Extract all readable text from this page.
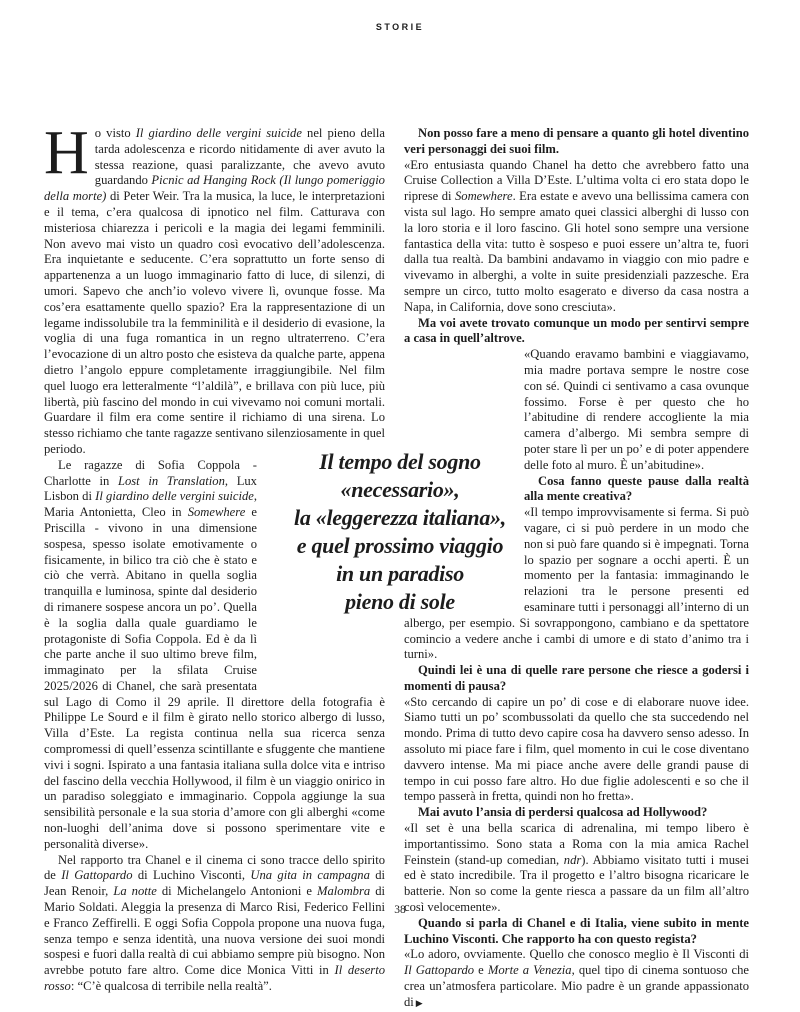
STORIE

Ho visto Il giardino delle vergini suicide nel pieno della tarda adolescenza e ricordo nitidamente di aver avuto la stessa reazione, quasi paralizzante, che avevo avuto guardando Picnic ad Hanging Rock (Il lungo pomeriggio della morte) di Peter Weir. Tra la musica, la luce, le interpretazioni e il tema, c’era qualcosa di ipnotico nel film. Catturava con misteriosa chiarezza i pericoli e la magia dei legami femminili. Non avevo mai visto un quadro così evocativo dell’adolescenza. Era inquietante e seducente. C’era soprattutto un forte senso di appartenenza a un luogo immaginario fatto di luce, di silenzi, di umori. Sapevo che anch’io volevo vivere lì, ovunque fosse. Ma cos’era esattamente quello spazio? Era la rappresentazione di un legame indissolubile tra la femminilità e il desiderio di evasione, la voglia di una fuga romantica in un regno ultraterreno. C’era l’evocazione di un altro posto che esisteva da qualche parte, appena dietro l’angolo eppure completamente irraggiungibile. Nel film quel luogo era letteralmente “l’aldilà”, e brillava con più luce, più libertà, più fascino del mondo in cui vivevamo noi comuni mortali. Guardare il film era come sentire il richiamo di una sirena. Lo stesso richiamo che tante ragazze sentivano silenziosamente in quel periodo.

Le ragazze di Sofia Coppola - Charlotte in Lost in Translation, Lux Lisbon di Il giardino delle vergini suicide, Maria Antonietta, Cleo in Somewhere e Priscilla - vivono in una dimensione sospesa, spesso isolate emotivamente o fisicamente, in bilico tra ciò che è stato e ciò che verrà. Abitano in quella soglia tranquilla e luminosa, spinte dal desiderio di rimanere sospese ancora un po’. Quella è la soglia dalla quale guardiamo le protagoniste di Sofia Coppola. Ed è da lì che parte anche il suo ultimo breve film, immaginato per la sfilata Cruise 2025/2026 di Chanel, che sarà presentata sul Lago di Como il 29 aprile. Il direttore della fotografia è Philippe Le Sourd e il film è girato nello storico albergo di lusso, Villa d’Este. La regista continua nella sua ricerca senza compromessi di quell’essenza scintillante e sfuggente che mantiene vivi i sogni. Ispirato a una fantasia italiana sulla dolce vita e intriso del fascino della vecchia Hollywood, il film è un viaggio onirico in un paradiso soleggiato e immaginario. Coppola aggiunge la sua sensibilità personale e la sua storia d’amore con gli alberghi «come non-luoghi dell’anima dove si possono sperimentare vite e personalità diverse».

Nel rapporto tra Chanel e il cinema ci sono tracce dello spirito de Il Gattopardo di Luchino Visconti, Una gita in campagna di Jean Renoir, La notte di Michelangelo Antonioni e Malombra di Mario Soldati. Aleggia la presenza di Marco Risi, Federico Fellini e Franco Zeffirelli. E oggi Sofia Coppola propone una nuova fuga, senza tempo e senza identità, una nuova versione dei suoi mondi sospesi e fuori dalla realtà di cui abbiamo sempre più bisogno. Non avrebbe potuto fare altro. Come dice Monica Vitti in Il deserto rosso: “C’è qualcosa di terribile nella realtà”.

Non posso fare a meno di pensare a quanto gli hotel diventino veri personaggi dei suoi film.

«Ero entusiasta quando Chanel ha detto che avrebbero fatto una Cruise Collection a Villa D’Este. L’ultima volta ci ero stata dopo le riprese di Somewhere. Era estate e avevo una bellissima camera con vista sul lago. Ho sempre amato quei classici alberghi di lusso con la loro storia e il loro fascino. Gli hotel sono sempre una versione fantastica della vita: tutto è sospeso e puoi essere un’altra te, fuori dalla tua realtà. Da bambini andavamo in viaggio con mio padre e vivevamo in alberghi, a volte in suite presidenziali pazzesche. Era sempre un circo, tutto molto esagerato e diverso da casa nostra a Napa, in California, dove sono cresciuta».

Ma voi avete trovato comunque un modo per sentirvi sempre a casa in quell’altrove.

«Quando eravamo bambini e viaggiavamo, mia madre portava sempre le nostre cose con sé. Quindi ci sentivamo a casa ovunque fossimo. Forse è per questo che ho l’abitudine di rendere accogliente la mia camera d’albergo. Mi sembra sempre di poter stare lì per un po’ e di poter appendere delle foto al muro. È un’abitudine».

Cosa fanno queste pause dalla realtà alla mente creativa?

«Il tempo improvvisamente si ferma. Si può vagare, ci si può perdere in un modo che non si può fare quando si è impegnati. Torna lo spazio per sognare a occhi aperti. È un momento per la fantasia: immaginando le relazioni tra le persone presenti ed esaminare tutti i personaggi all’interno di un albergo, per esempio. Si sovrappongono, cambiano e da spettatore comincio a vedere anche i cambi di umore e di stato d’animo tra i turni».

Quindi lei è una di quelle rare persone che riesce a godersi i momenti di pausa?

«Sto cercando di capire un po’ di cose e di elaborare nuove idee. Siamo tutti un po’ scombussolati da quello che sta succedendo nel mondo. Prima di tutto devo capire cosa ha davvero senso adesso. In assoluto mi piace fare i film, quel momento in cui le cose diventano davvero intense. Ma mi piace anche avere delle grandi pause di tempo in cui posso fare altro. Ho due figlie adolescenti e so che il tempo passerà in fretta, quindi non ho fretta».

Mai avuto l’ansia di perdersi qualcosa ad Hollywood?

«Il set è una bella scarica di adrenalina, mi tempo libero è importantissimo. Sono stata a Roma con la mia amica Rachel Feinstein (stand-up comedian, ndr). Abbiamo visitato tutti i musei ed è stato incredibile. Tra il progetto e l’altro bisogna ricaricare le batterie. Non so come la gente riesca a passare da un film all’altro così velocemente».

Quando si parla di Chanel e di Italia, viene subito in mente Luchino Visconti. Che rapporto ha con questo regista?

«Lo adoro, ovviamente. Quello che conosco meglio è Il Visconti di Il Gattopardo e Morte a Venezia, quel tipo di cinema sontuoso che crea un’atmosfera particolare. Mio padre è un grande appassionato di ▶

Il tempo del sogno
«necessario»,
la «leggerezza italiana»,
e quel prossimo viaggio
in un paradiso
pieno di sole
38
